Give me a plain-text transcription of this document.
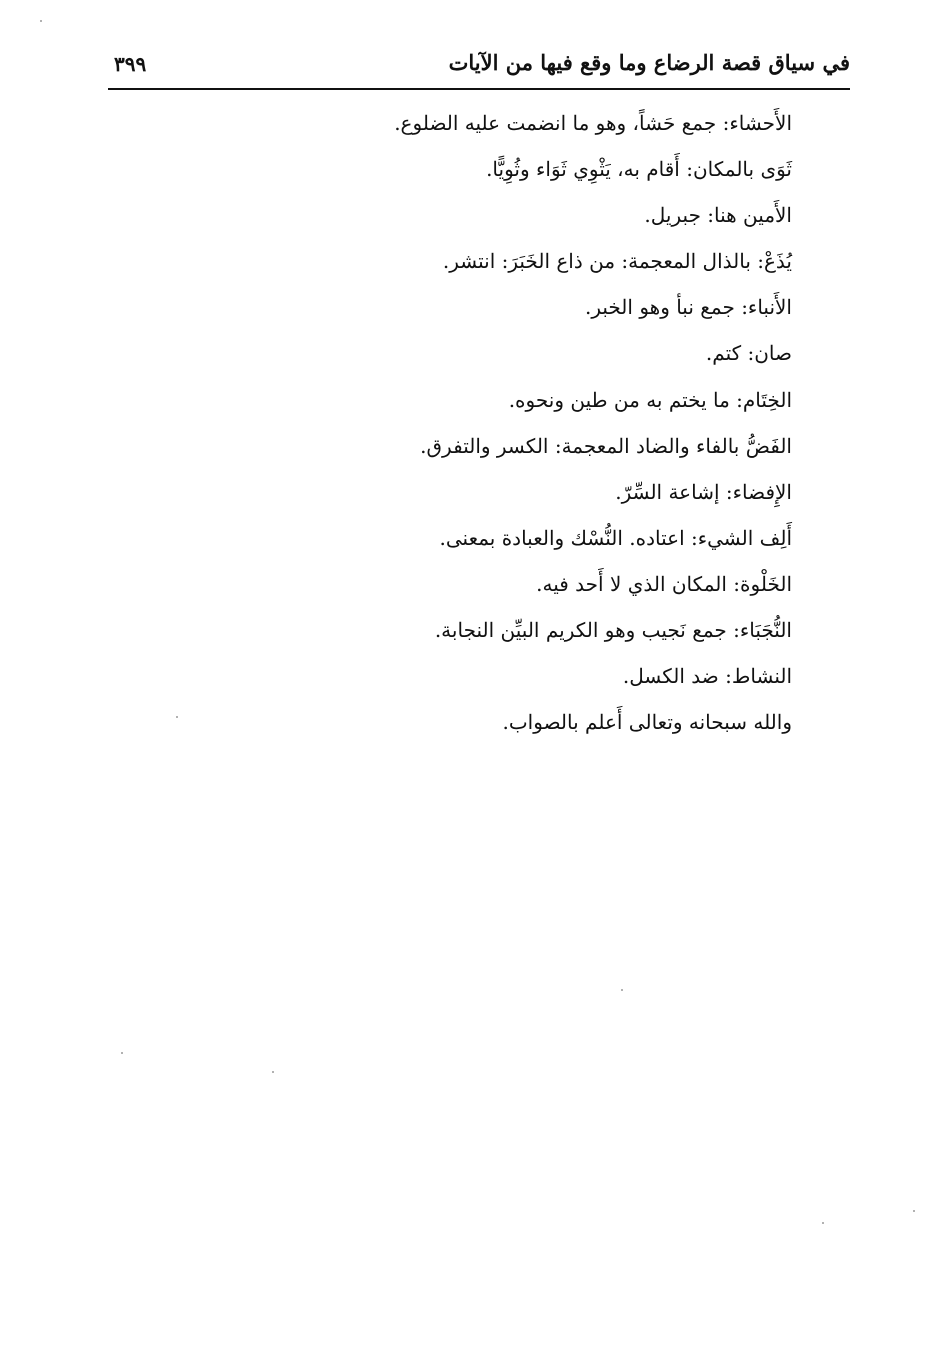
في سياق قصة الرضاع وما وقع فيها من الآيات
٣٩٩
الأَحشاء: جمع حَشاً، وهو ما انضمت عليه الضلوع.
ثَوَى بالمكان: أَقام به، يَثْوِي ثَوَاء وثُوِيًّا.
الأَمين هنا: جبريل.
يُذَعْ: بالذال المعجمة: من ذاع الخَبَرَ: انتشر.
الأَنباء: جمع نبأ وهو الخبر.
صان: كتم.
الخِتَام: ما يختم به من طين ونحوه.
الفَضُّ بالفاء والضاد المعجمة: الكسر والتفرق.
الإِفضاء: إشاعة السِّرّ.
أَلِف الشيء: اعتاده. النُّسْك والعبادة بمعنى.
الخَلْوة: المكان الذي لا أَحد فيه.
النُّجَبَاء: جمع نَجيب وهو الكريم البيِّن النجابة.
النشاط: ضد الكسل.
والله سبحانه وتعالى أَعلم بالصواب.
